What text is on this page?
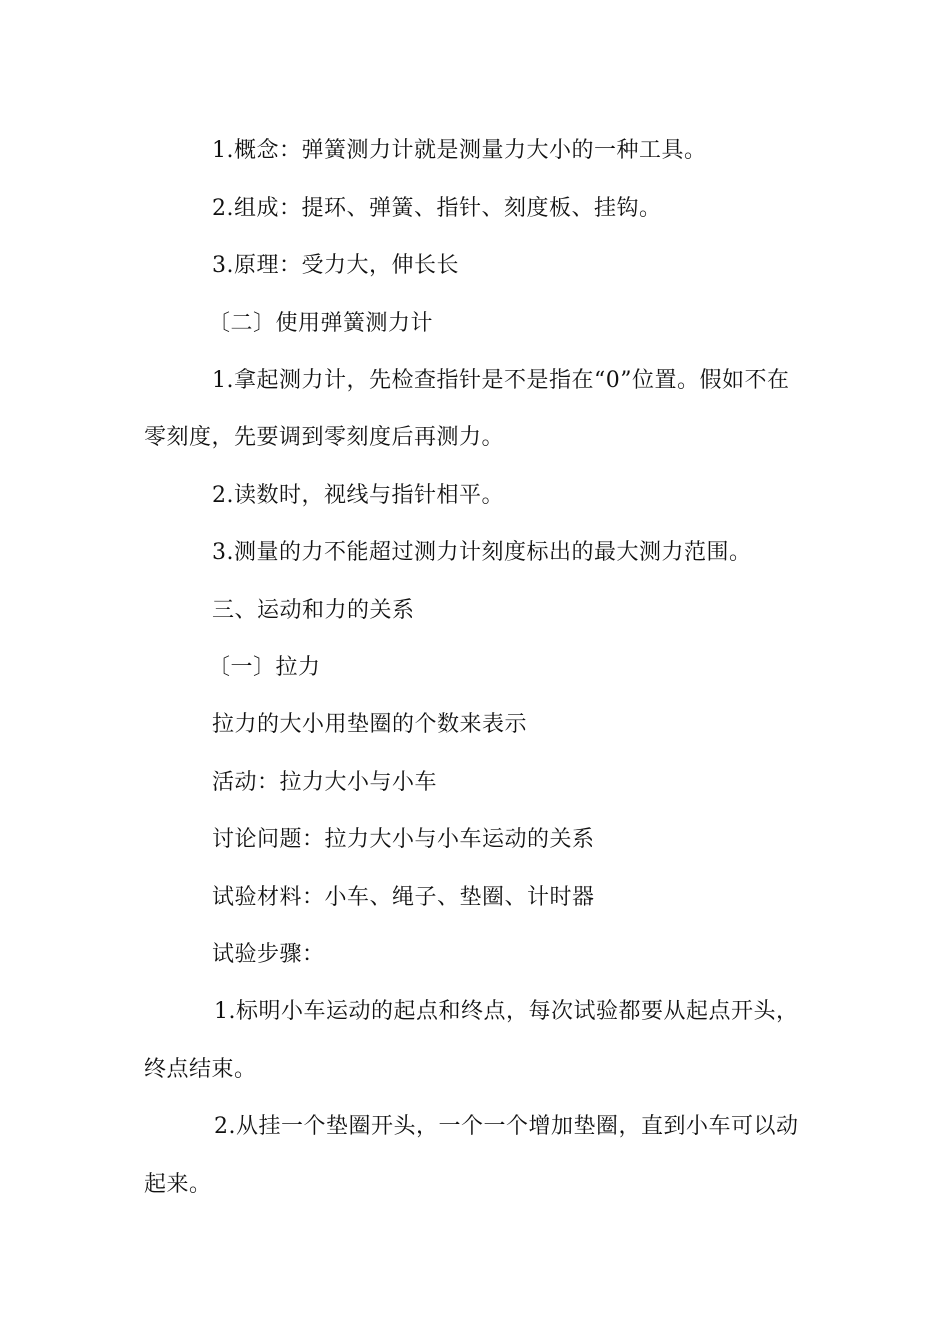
1.概念：弹簧测力计就是测量力大小的一种工具。
2.组成：提环、弹簧、指针、刻度板、挂钩。
3.原理：受力大，伸长长
〔二〕使用弹簧测力计
1.拿起测力计，先检查指针是不是指在“0”位置。假如不在
零刻度，先要调到零刻度后再测力。
2.读数时，视线与指针相平。
3.测量的力不能超过测力计刻度标出的最大测力范围。
三、运动和力的关系
〔一〕拉力
拉力的大小用垫圈的个数来表示
活动：拉力大小与小车
讨论问题：拉力大小与小车运动的关系
试验材料：小车、绳子、垫圈、计时器
试验步骤：
1.标明小车运动的起点和终点，每次试验都要从起点开头，
终点结束。
2.从挂一个垫圈开头，一个一个增加垫圈，直到小车可以动
起来。
